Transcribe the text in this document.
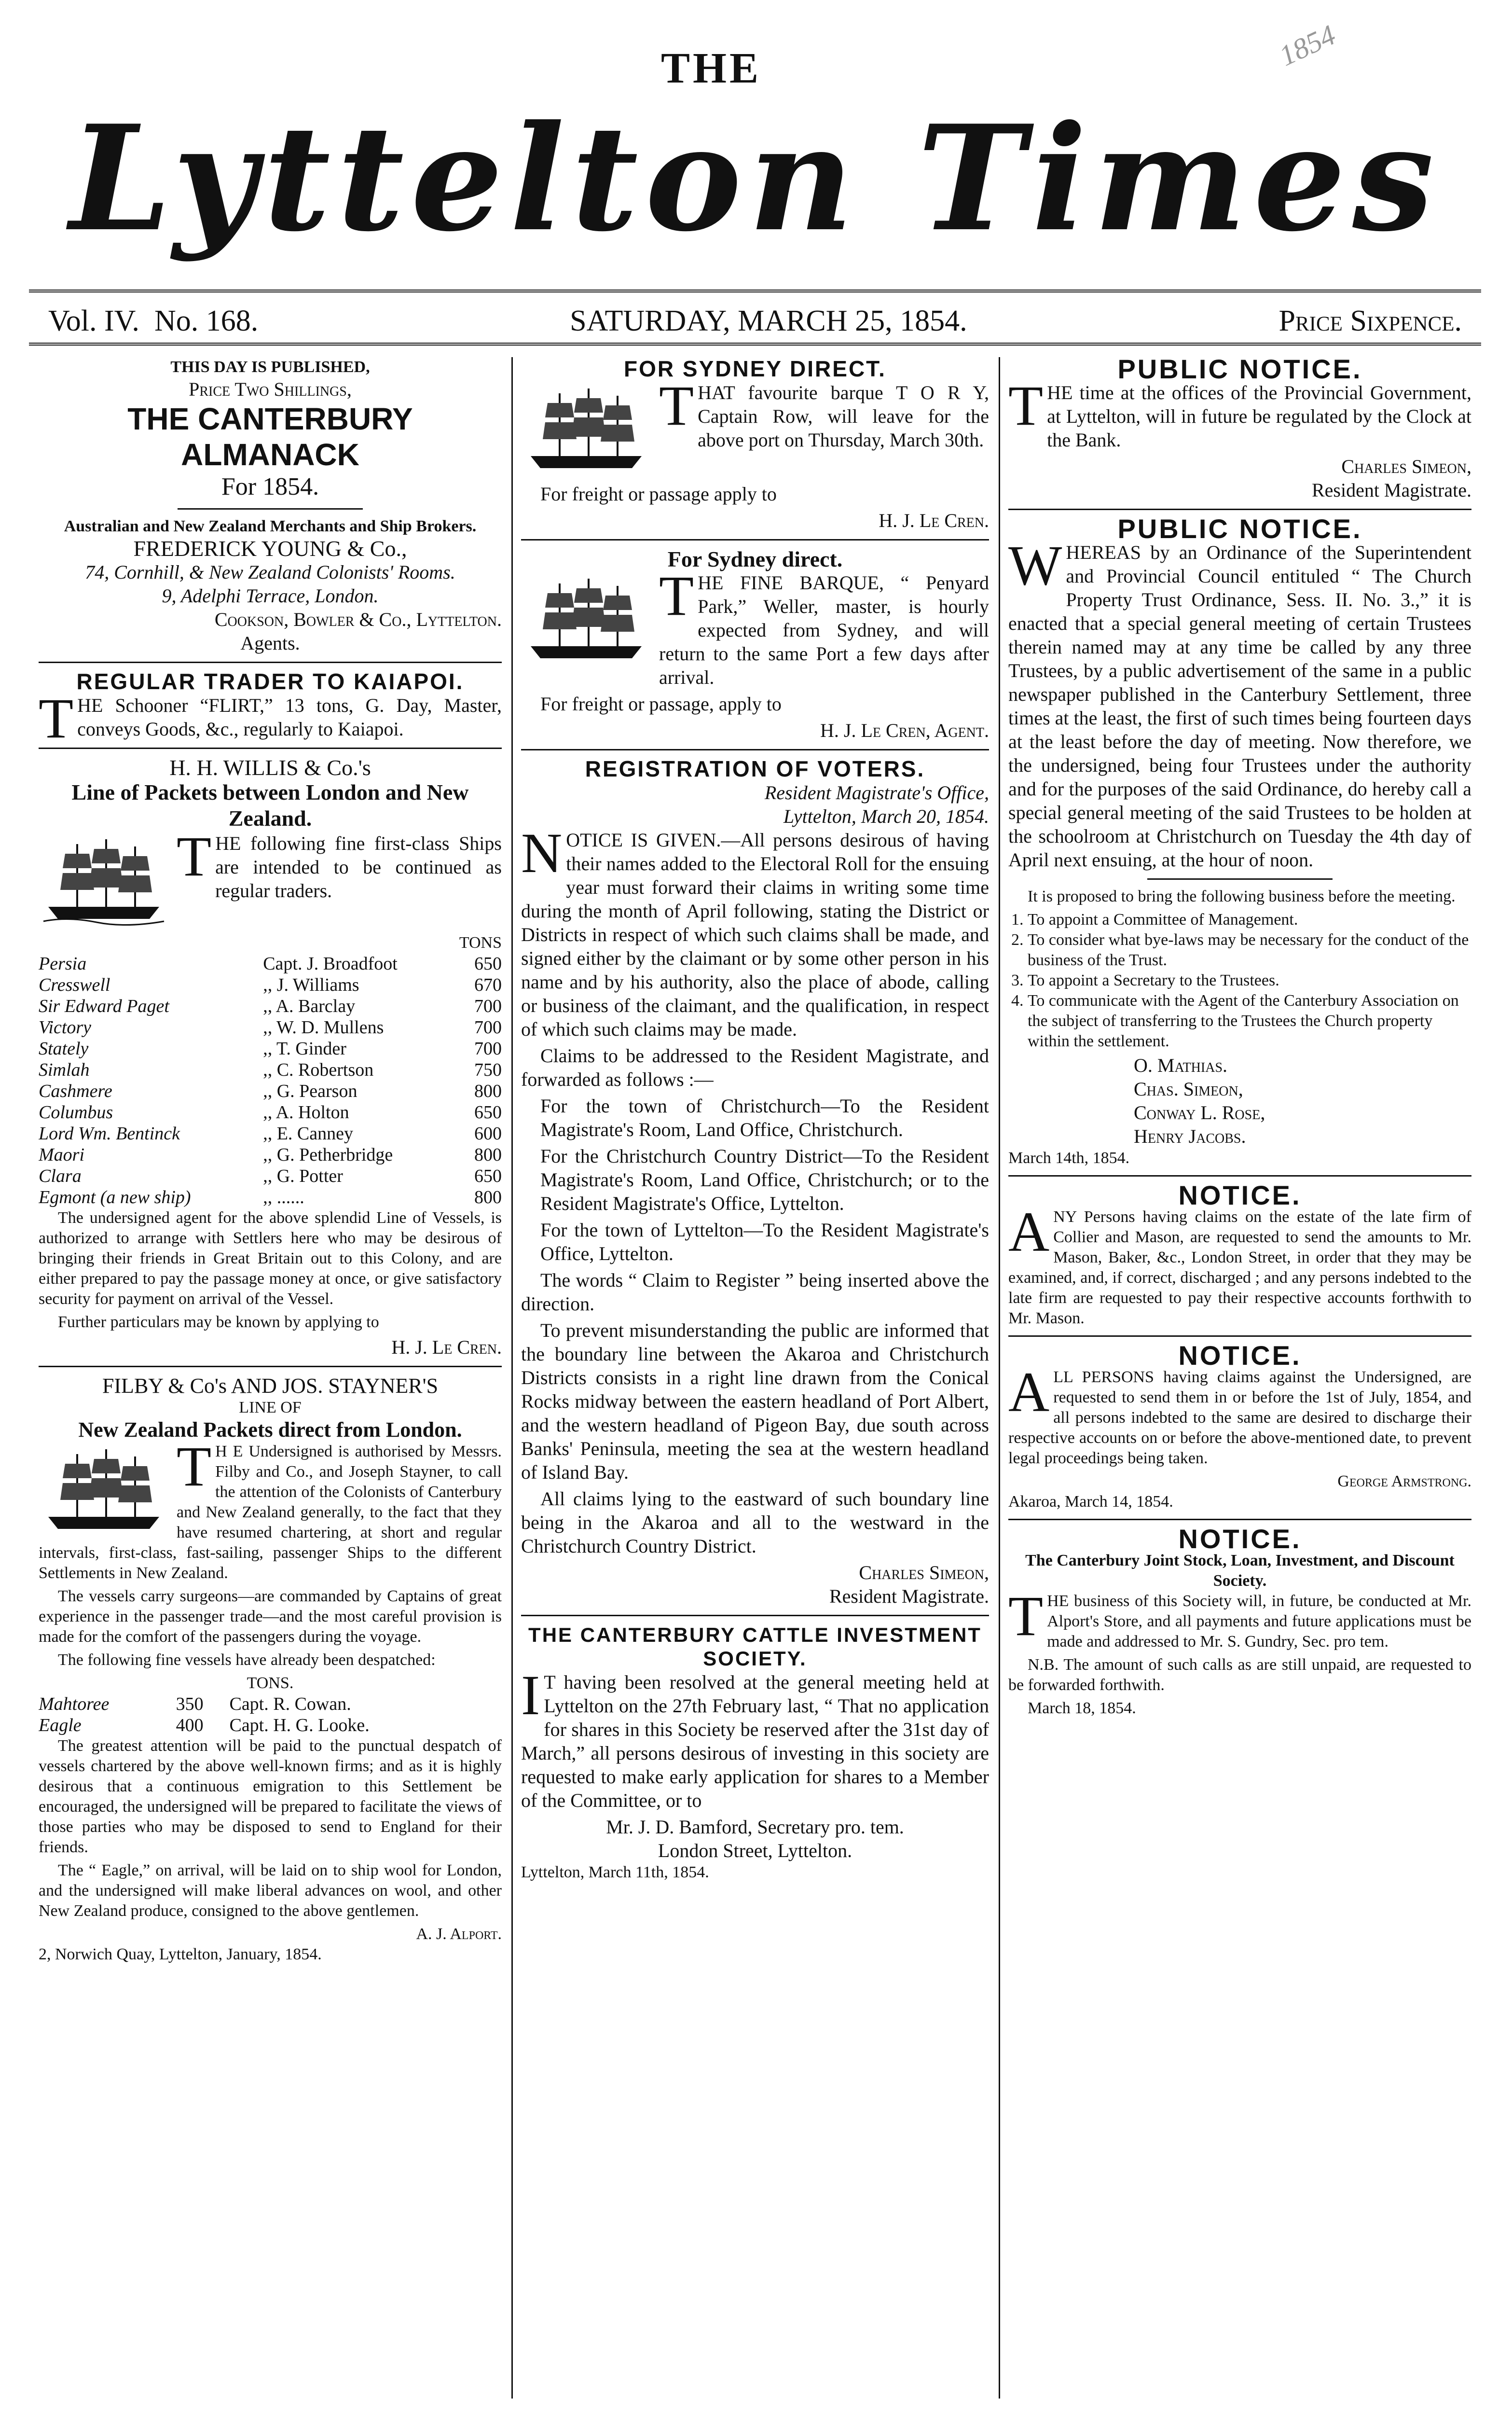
1854
THE
Lyttelton Times
Vol. IV. No. 168.	SATURDAY, MARCH 25, 1854.	Price Sixpence.
THIS DAY IS PUBLISHED,
Price Two Shillings,
THE CANTERBURY ALMANACK
For 1854.
Australian and New Zealand Merchants and Ship Brokers.
FREDERICK YOUNG & Co.,
74, Cornhill, & New Zealand Colonists' Rooms.
9, Adelphi Terrace, London.
Cookson, Bowler & Co., Lyttelton.
Agents.
REGULAR TRADER TO KAIAPOI.

THE Schooner “FLIRT,” 13 tons, G. Day, Master, conveys Goods, &c., regularly to Kaiapoi.

H. H. WILLIS & Co.'s
Line of Packets between London and New Zealand.

THE following fine first-class Ships are intended to be continued as regular traders.

TONS
Persia	Capt. J. Broadfoot	650
Cresswell	,, J. Williams	670
Sir Edward Paget	,, A. Barclay	700
Victory	,, W. D. Mullens	700
Stately	,, T. Ginder	700
Simlah	,, C. Robertson	750
Cashmere	,, G. Pearson	800
Columbus	,, A. Holton	650
Lord Wm. Bentinck	,, E. Canney	600
Maori	,, G. Petherbridge	800
Clara	,, G. Potter	650
Egmont (a new ship)	,, ......	800

The undersigned agent for the above splendid Line of Vessels, is authorized to arrange with Settlers here who may be desirous of bringing their friends in Great Britain out to this Colony, and are either prepared to pay the passage money at once, or give satisfactory security for payment on arrival of the Vessel.

Further particulars may be known by applying to

H. J. Le Cren.
FILBY & Co's AND JOS. STAYNER'S
LINE OF
New Zealand Packets direct from London.

T H E Undersigned is authorised by Messrs. Filby and Co., and Joseph Stayner, to call the attention of the Colonists of Canterbury and New Zealand generally, to the fact that they have resumed chartering, at short and regular intervals, first-class, fast-sailing, passenger Ships to the different Settlements in New Zealand.

The vessels carry surgeons—are commanded by Captains of great experience in the passenger trade—and the most careful provision is made for the comfort of the passengers during the voyage.

The following fine vessels have already been despatched:

TONS.
Mahtoree	350	Capt. R. Cowan.
Eagle	400	Capt. H. G. Looke.

The greatest attention will be paid to the punctual despatch of vessels chartered by the above well-known firms; and as it is highly desirous that a continuous emigration to this Settlement be encouraged, the undersigned will be prepared to facilitate the views of those parties who may be disposed to send to England for their friends.

The “ Eagle,” on arrival, will be laid on to ship wool for London, and the undersigned will make liberal advances on wool, and other New Zealand produce, consigned to the above gentlemen.

A. J. Alport.
2, Norwich Quay, Lyttelton, January, 1854.
FOR SYDNEY DIRECT.

THAT favourite barque T O R Y, Captain Row, will leave for the above port on Thursday, March 30th.

For freight or passage apply to

H. J. Le Cren.
For Sydney direct.

THE FINE BARQUE, “ Penyard Park,” Weller, master, is hourly expected from Sydney, and will return to the same Port a few days after arrival.

For freight or passage, apply to

H. J. Le Cren, Agent.
REGISTRATION OF VOTERS.
Resident Magistrate's Office,
Lyttelton, March 20, 1854.

NOTICE IS GIVEN.—All persons desirous of having their names added to the Electoral Roll for the ensuing year must forward their claims in writing some time during the month of April following, stating the District or Districts in respect of which such claims shall be made, and signed either by the claimant or by some other person in his name and by his authority, also the place of abode, calling or business of the claimant, and the qualification, in respect of which such claims may be made.

Claims to be addressed to the Resident Magistrate, and forwarded as follows :—

For the town of Christchurch—To the Resident Magistrate's Room, Land Office, Christchurch.

For the Christchurch Country District—To the Resident Magistrate's Room, Land Office, Christchurch; or to the Resident Magistrate's Office, Lyttelton.

For the town of Lyttelton—To the Resident Magistrate's Office, Lyttelton.

The words “ Claim to Register ” being inserted above the direction.

To prevent misunderstanding the public are informed that the boundary line between the Akaroa and Christchurch Districts consists in a right line drawn from the Conical Rocks midway between the eastern headland of Port Albert, and the western headland of Pigeon Bay, due south across Banks' Peninsula, meeting the sea at the western headland of Island Bay.

All claims lying to the eastward of such boundary line being in the Akaroa and all to the westward in the Christchurch Country District.

Charles Simeon,
Resident Magistrate.
THE CANTERBURY CATTLE INVESTMENT SOCIETY.

I T having been resolved at the general meeting held at Lyttelton on the 27th February last, “ That no application for shares in this Society be reserved after the 31st day of March,” all persons desirous of investing in this society are requested to make early application for shares to a Member of the Committee, or to

Mr. J. D. Bamford, Secretary pro. tem.
London Street, Lyttelton.
Lyttelton, March 11th, 1854.
PUBLIC NOTICE.

THE time at the offices of the Provincial Government, at Lyttelton, will in future be regulated by the Clock at the Bank.

Charles Simeon,
Resident Magistrate.
PUBLIC NOTICE.

WHEREAS by an Ordinance of the Superintendent and Provincial Council entituled “ The Church Property Trust Ordinance, Sess. II. No. 3.,” it is enacted that a special general meeting of certain Trustees therein named may at any time be called by any three Trustees, by a public advertisement of the same in a public newspaper published in the Canterbury Settlement, three times at the least, the first of such times being fourteen days at the least before the day of meeting. Now therefore, we the undersigned, being four Trustees under the authority and for the purposes of the said Ordinance, do hereby call a special general meeting of the said Trustees to be holden at the schoolroom at Christchurch on Tuesday the 4th day of April next ensuing, at the hour of noon.

It is proposed to bring the following business before the meeting.

1. To appoint a Committee of Management.
2. To consider what bye-laws may be necessary for the conduct of the business of the Trust.
3. To appoint a Secretary to the Trustees.
4. To communicate with the Agent of the Canterbury Association on the subject of transferring to the Trustees the Church property within the settlement.
O. Mathias.
Chas. Simeon,
Conway L. Rose,
Henry Jacobs.
March 14th, 1854.
NOTICE.

ANY Persons having claims on the estate of the late firm of Collier and Mason, are requested to send the amounts to Mr. Mason, Baker, &c., London Street, in order that they may be examined, and, if correct, discharged ; and any persons indebted to the late firm are requested to pay their respective accounts forthwith to Mr. Mason.

NOTICE.

ALL PERSONS having claims against the Undersigned, are requested to send them in or before the 1st of July, 1854, and all persons indebted to the same are desired to discharge their respective accounts on or before the above-mentioned date, to prevent legal proceedings being taken.

George Armstrong.
Akaroa, March 14, 1854.
NOTICE.
The Canterbury Joint Stock, Loan, Investment, and Discount Society.

THE business of this Society will, in future, be conducted at Mr. Alport's Store, and all payments and future applications must be made and addressed to Mr. S. Gundry, Sec. pro tem.

N.B. The amount of such calls as are still unpaid, are requested to be forwarded forthwith.

March 18, 1854.
